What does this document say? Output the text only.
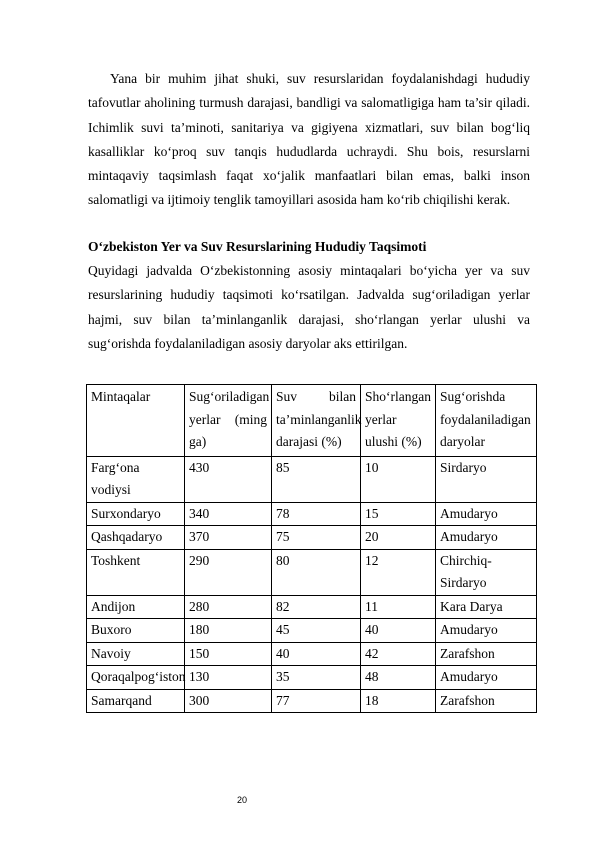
Yana bir muhim jihat shuki, suv resurslaridan foydalanishdagi hududiy tafovutlar aholining turmush darajasi, bandligi va salomatligiga ham ta’sir qiladi. Ichimlik suvi ta’minoti, sanitariya va gigiyena xizmatlari, suv bilan bog‘liq kasalliklar ko‘proq suv tanqis hududlarda uchraydi. Shu bois, resurslarni mintaqaviy taqsimlash faqat xo‘jalik manfaatlari bilan emas, balki inson salomatligi va ijtimoiy tenglik tamoyillari asosida ham ko‘rib chiqilishi kerak.

O‘zbekiston Yer va Suv Resurslarining Hududiy Taqsimoti

Quyidagi jadvalda O‘zbekistonning asosiy mintaqalari bo‘yicha yer va suv resurslarining hududiy taqsimoti ko‘rsatilgan. Jadvalda sug‘oriladigan yerlar hajmi, suv bilan ta’minlanganlik darajasi, sho‘rlangan yerlar ulushi va sug‘orishda foydalaniladigan asosiy daryolar aks ettirilgan.

Mintaqalar	Sug‘oriladigan yerlar (ming ga)	Suv bilan ta’minlanganlik darajasi (%)	Sho‘rlangan yerlar ulushi (%)	Sug‘orishda foydalaniladigan daryolar
Farg‘ona vodiysi	430	85	10	Sirdaryo
Surxondaryo	340	78	15	Amudaryo
Qashqadaryo	370	75	20	Amudaryo
Toshkent	290	80	12	Chirchiq-Sirdaryo
Andijon	280	82	11	Kara Darya
Buxoro	180	45	40	Amudaryo
Navoiy	150	40	42	Zarafshon
Qoraqalpog‘iston	130	35	48	Amudaryo
Samarqand	300	77	18	Zarafshon
20
